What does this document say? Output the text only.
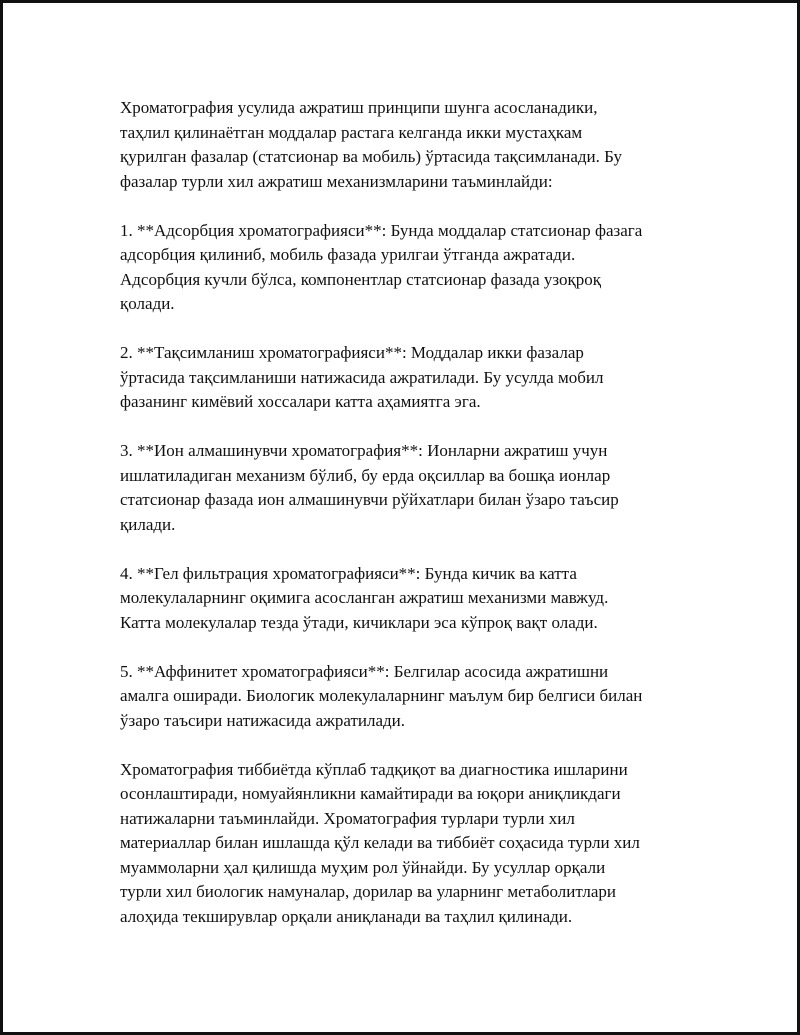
Хроматография усулида ажратиш принципи шунга асосланадики,
таҳлил қилинаётган моддалар растага келганда икки мустаҳкам
қурилган фазалар (статсионар ва мобиль) ўртасида тақсимланади. Бу
фазалар турли хил ажратиш механизмларини таъминлайди:

1. **Адсорбция хроматографияси**: Бунда моддалар статсионар фазага
адсорбция қилиниб, мобиль фазада урилгаи ўтганда ажратади.
Адсорбция кучли бўлса, компонентлар статсионар фазада узоқроқ
қолади.

2. **Тақсимланиш хроматографияси**: Моддалар икки фазалар
ўртасида тақсимланиши натижасида ажратилади. Бу усулда мобил
фазанинг кимёвий хоссалари катта аҳамиятга эга.

3. **Ион алмашинувчи хроматография**: Ионларни ажратиш учун
ишлатиладиган механизм бўлиб, бу ерда оқсиллар ва бошқа ионлар
статсионар фазада ион алмашинувчи рўйхатлари билан ўзаро таъсир
қилади.

4. **Гел фильтрация хроматографияси**: Бунда кичик ва катта
молекулаларнинг оқимига асосланган ажратиш механизми мавжуд.
Катта молекулалар тезда ўтади, кичиклари эса кўпроқ вақт олади.

5. **Аффинитет хроматографияси**: Белгилар асосида ажратишни
амалга оширади. Биологик молекулаларнинг маълум бир белгиси билан
ўзаро таъсири натижасида ажратилади.

Хроматография тиббиётда кўплаб тадқиқот ва диагностика ишларини
осонлаштиради, номуайянликни камайтиради ва юқори аниқликдаги
натижаларни таъминлайди. Хроматография турлари турли хил
материаллар билан ишлашда қўл келади ва тиббиёт соҳасида турли хил
муаммоларни ҳал қилишда муҳим рол ўйнайди. Бу усуллар орқали
турли хил биологик намуналар, дорилар ва уларнинг метаболитлари
алоҳида текширувлар орқали аниқланади ва таҳлил қилинади.
